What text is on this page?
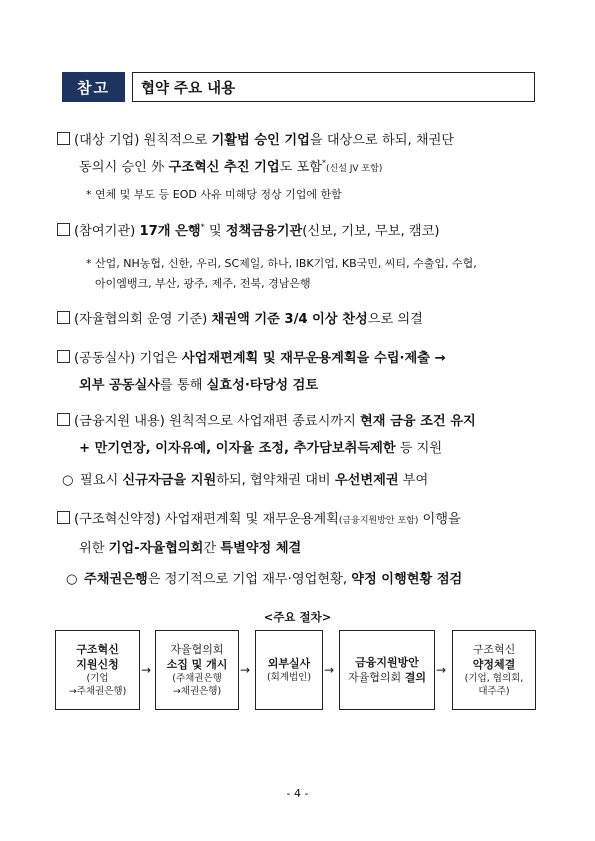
참고	협약 주요 내용
(대상 기업) 원칙적으로 기활법 승인 기업을 대상으로 하되, 채권단
동의시 승인 外 구조혁신 추진 기업도 포함*(신설 JV 포함)
* 연체 및 부도 등 EOD 사유 미해당 정상 기업에 한함
(참여기관) 17개 은행* 및 정책금융기관(신보, 기보, 무보, 캠코)
* 산업, NH농협, 신한, 우리, SC제일, 하나, IBK기업, KB국민, 씨티, 수출입, 수협,
아이엠뱅크, 부산, 광주, 제주, 전북, 경남은행
(자율협의회 운영 기준) 채권액 기준 3/4 이상 찬성으로 의결
(공동실사) 기업은 사업재편계획 및 재무운용계획을 수립·제출 →
외부 공동실사를 통해 실효성·타당성 검토
(금융지원 내용) 원칙적으로 사업재편 종료시까지 현재 금융 조건 유지
+ 만기연장, 이자유예, 이자율 조정, 추가담보취득제한 등 지원
○ 필요시 신규자금을 지원하되, 협약채권 대비 우선변제권 부여
(구조혁신약정) 사업재편계획 및 재무운용계획(금융지원방안 포함) 이행을
위한 기업-자율협의회간 특별약정 체결
○ 주채권은행은 정기적으로 기업 재무·영업현황, 약정 이행현황 점검
<주요 절차>
구조혁신
지원신청
(기업
→주채권은행)
→
자율협의회
소집 및 개시
(주채권은행
→채권은행)
→ 외부실사
(회계법인)
→
금융지원방안
자율협의회 결의
→
구조혁신
약정체결
(기업, 협의회,
대주주)
- 4 -
